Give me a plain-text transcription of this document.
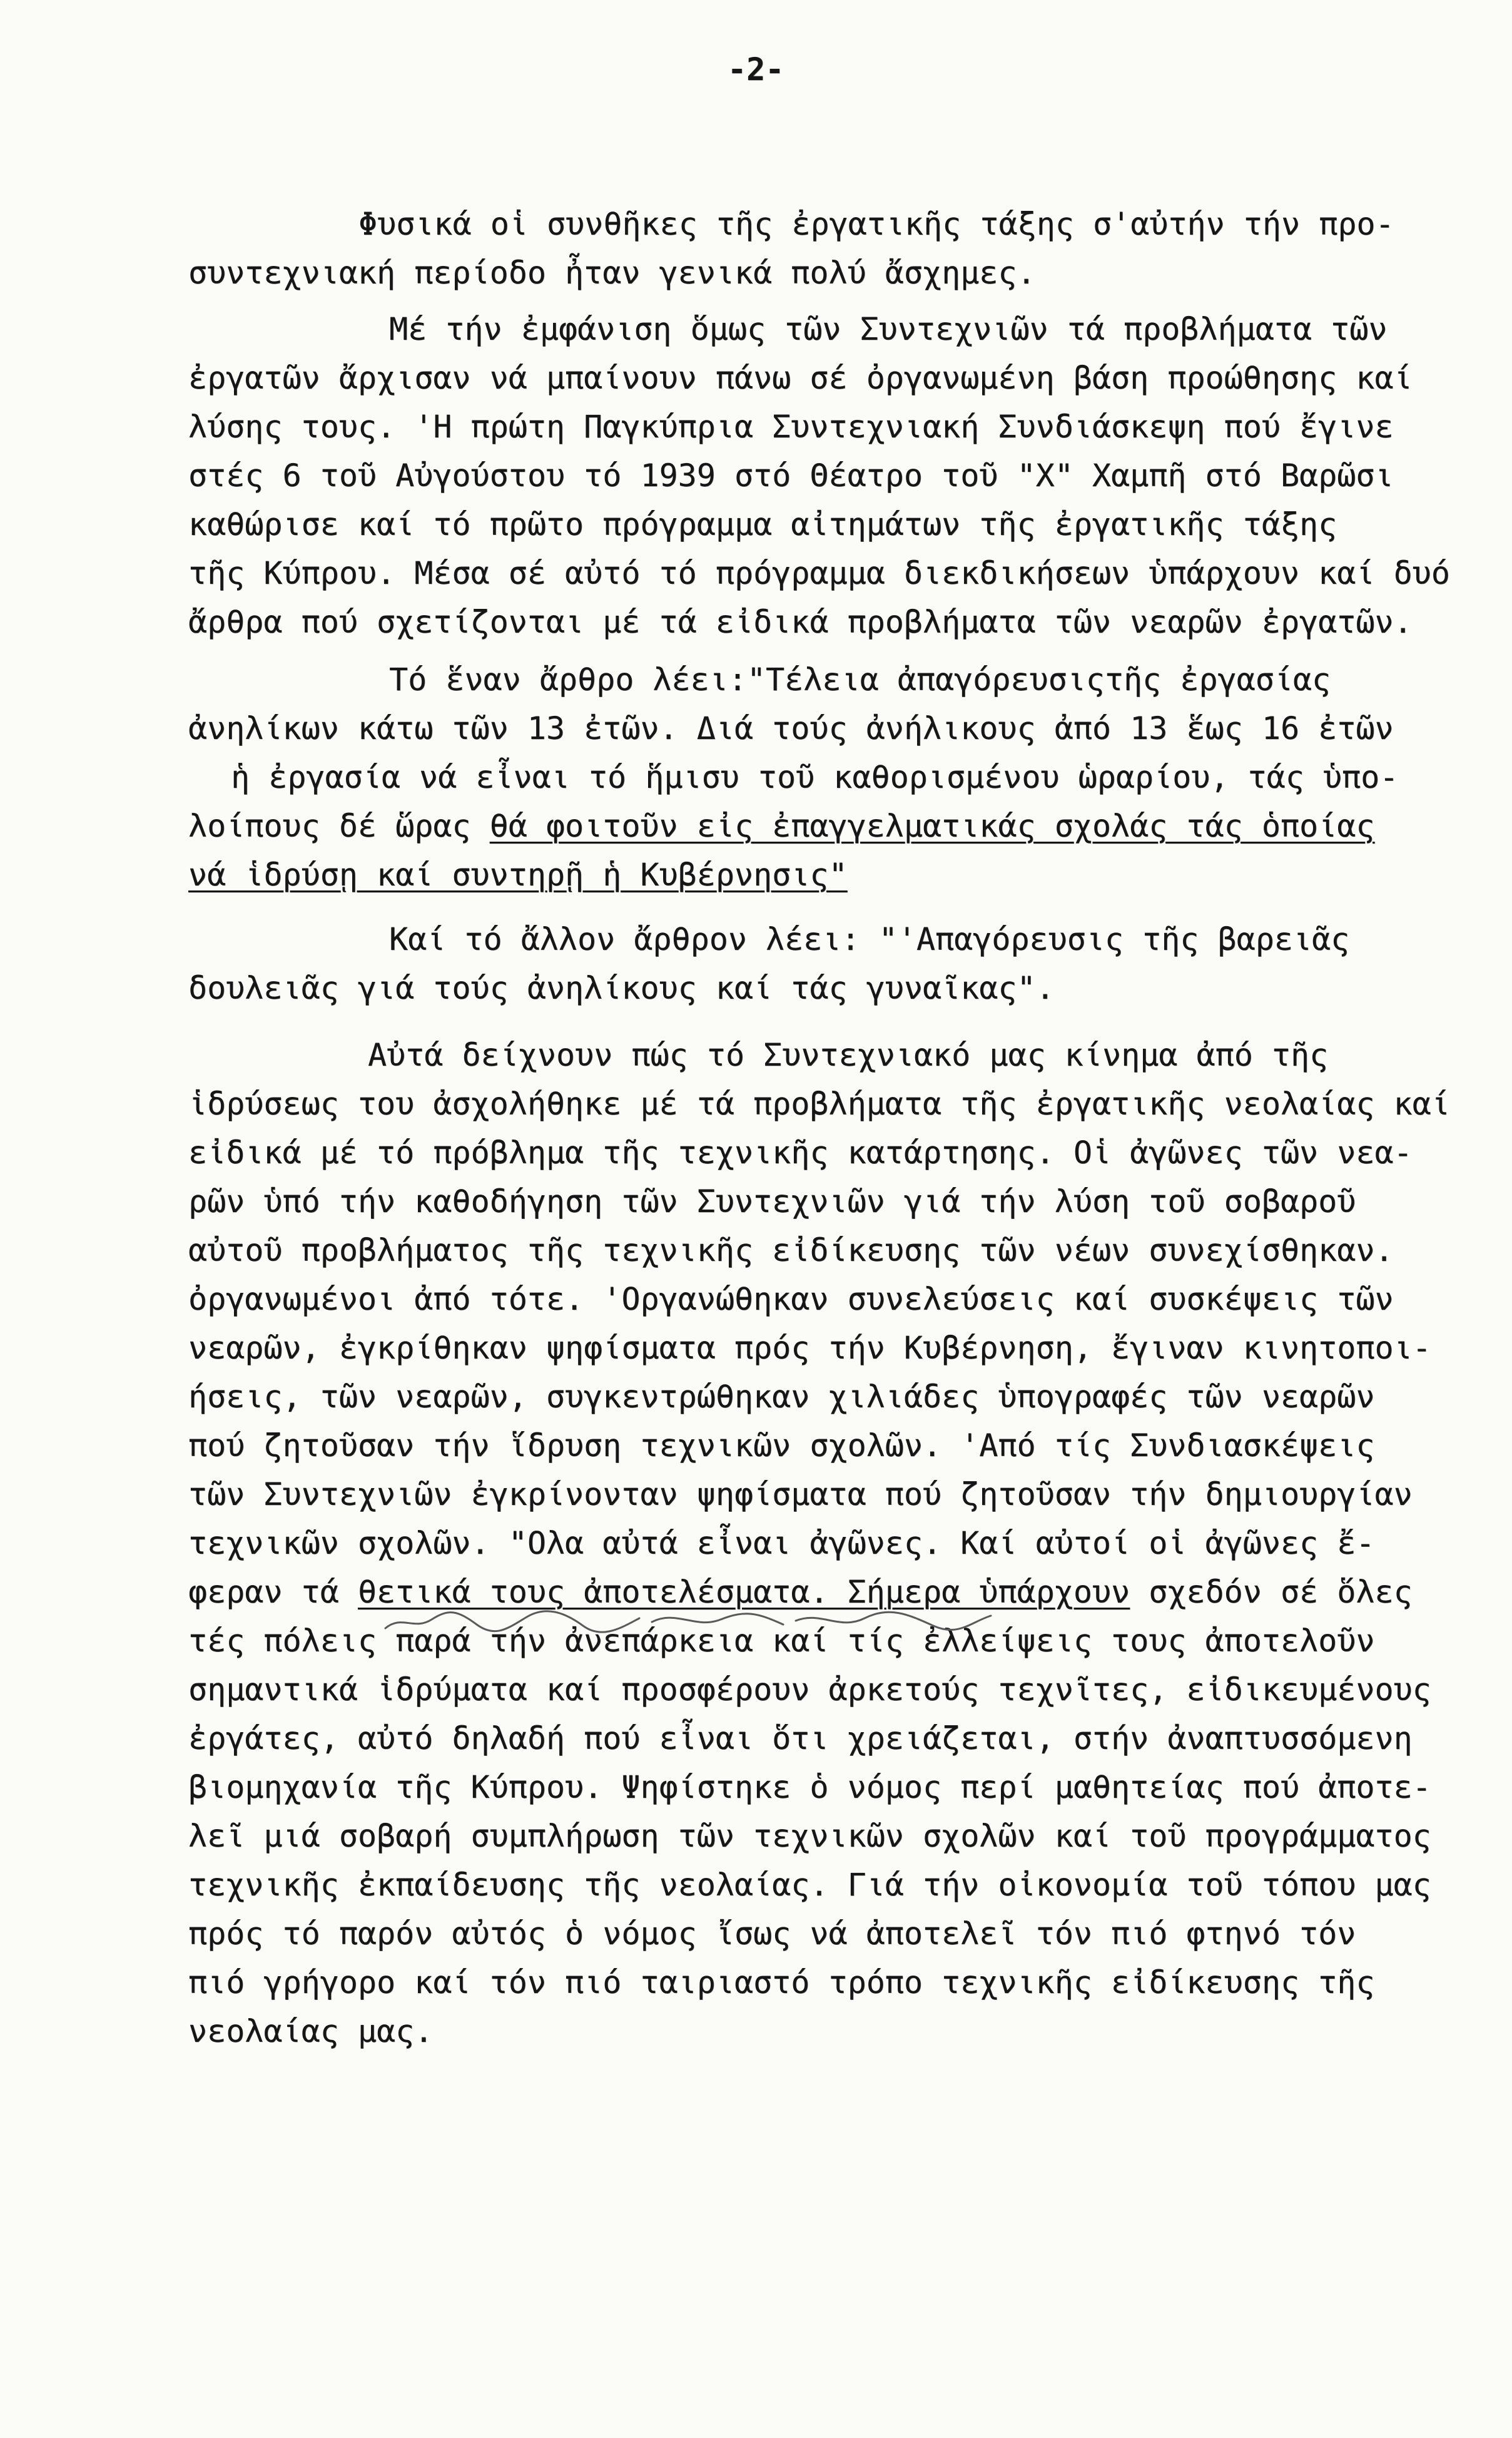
-2-
Φυσικά οἱ συνθῆκες τῆς ἐργατικῆς τάξης σ'αὐτήν τήν προ-
συντεχνιακή περίοδο ἦταν γενικά πολύ ἄσχημες.
Μέ τήν ἐμφάνιση ὅμως τῶν Συντεχνιῶν τά προβλήματα τῶν
ἐργατῶν ἄρχισαν νά μπαίνουν πάνω σέ ὀργανωμένη βάση προώθησης καί
λύσης τους. 'Η πρώτη Παγκύπρια Συντεχνιακή Συνδιάσκεψη πού ἔγινε
στές 6 τοῦ Αὐγούστου τό 1939 στό Θέατρο τοῦ "Χ" Χαμπῆ στό Βαρῶσι
καθώρισε καί τό πρῶτο πρόγραμμα αἰτημάτων τῆς ἐργατικῆς τάξης
τῆς Κύπρου. Μέσα σέ αὐτό τό πρόγραμμα διεκδικήσεων ὑπάρχουν καί δυό
ἄρθρα πού σχετίζονται μέ τά εἰδικά προβλήματα τῶν νεαρῶν ἐργατῶν.
Τό ἕναν ἄρθρο λέει:"Τέλεια ἀπαγόρευσιςτῆς ἐργασίας
ἀνηλίκων κάτω τῶν 13 ἐτῶν. Διά τούς ἀνήλικους ἀπό 13 ἕως 16 ἐτῶν
ἡ ἐργασία νά εἶναι τό ἥμισυ τοῦ καθορισμένου ὡραρίου, τάς ὑπο-
λοίπους δέ ὥρας θά φοιτοῦν εἰς ἐπαγγελματικάς σχολάς τάς ὁποίας
νά ἱδρύσῃ καί συντηρῇ ἡ Κυβέρνησις"
Καί τό ἄλλον ἄρθρον λέει: "'Απαγόρευσις τῆς βαρειᾶς
δουλειᾶς γιά τούς ἀνηλίκους καί τάς γυναῖκας".
Αὐτά δείχνουν πώς τό Συντεχνιακό μας κίνημα ἀπό τῆς
ἱδρύσεως του ἀσχολήθηκε μέ τά προβλήματα τῆς ἐργατικῆς νεολαίας καί
εἰδικά μέ τό πρόβλημα τῆς τεχνικῆς κατάρτησης. Οἱ ἀγῶνες τῶν νεα-
ρῶν ὑπό τήν καθοδήγηση τῶν Συντεχνιῶν γιά τήν λύση τοῦ σοβαροῦ
αὐτοῦ προβλήματος τῆς τεχνικῆς εἰδίκευσης τῶν νέων συνεχίσθηκαν.
ὀργανωμένοι ἀπό τότε. 'Οργανώθηκαν συνελεύσεις καί συσκέψεις τῶν
νεαρῶν, ἐγκρίθηκαν ψηφίσματα πρός τήν Κυβέρνηση, ἔγιναν κινητοποι-
ήσεις, τῶν νεαρῶν, συγκεντρώθηκαν χιλιάδες ὑπογραφές τῶν νεαρῶν
πού ζητοῦσαν τήν ἵδρυση τεχνικῶν σχολῶν. 'Από τίς Συνδιασκέψεις
τῶν Συντεχνιῶν ἐγκρίνονταν ψηφίσματα πού ζητοῦσαν τήν δημιουργίαν
τεχνικῶν σχολῶν. "Ολα αὐτά εἶναι ἀγῶνες. Καί αὐτοί οἱ ἀγῶνες ἔ-
φεραν τά θετικά τους ἀποτελέσματα. Σήμερα ὑπάρχουν σχεδόν σέ ὅλες
τές πόλεις παρά τήν ἀνεπάρκεια καί τίς ἐλλείψεις τους ἀποτελοῦν
σημαντικά ἱδρύματα καί προσφέρουν ἀρκετούς τεχνῖτες, εἰδικευμένους
ἐργάτες, αὐτό δηλαδή πού εἶναι ὅτι χρειάζεται, στήν ἀναπτυσσόμενη
βιομηχανία τῆς Κύπρου. Ψηφίστηκε ὁ νόμος περί μαθητείας πού ἀποτε-
λεῖ μιά σοβαρή συμπλήρωση τῶν τεχνικῶν σχολῶν καί τοῦ προγράμματος
τεχνικῆς ἐκπαίδευσης τῆς νεολαίας. Γιά τήν οἰκονομία τοῦ τόπου μας
πρός τό παρόν αὐτός ὁ νόμος ἴσως νά ἀποτελεῖ τόν πιό φτηνό τόν
πιό γρήγορο καί τόν πιό ταιριαστό τρόπο τεχνικῆς εἰδίκευσης τῆς
νεολαίας μας.
